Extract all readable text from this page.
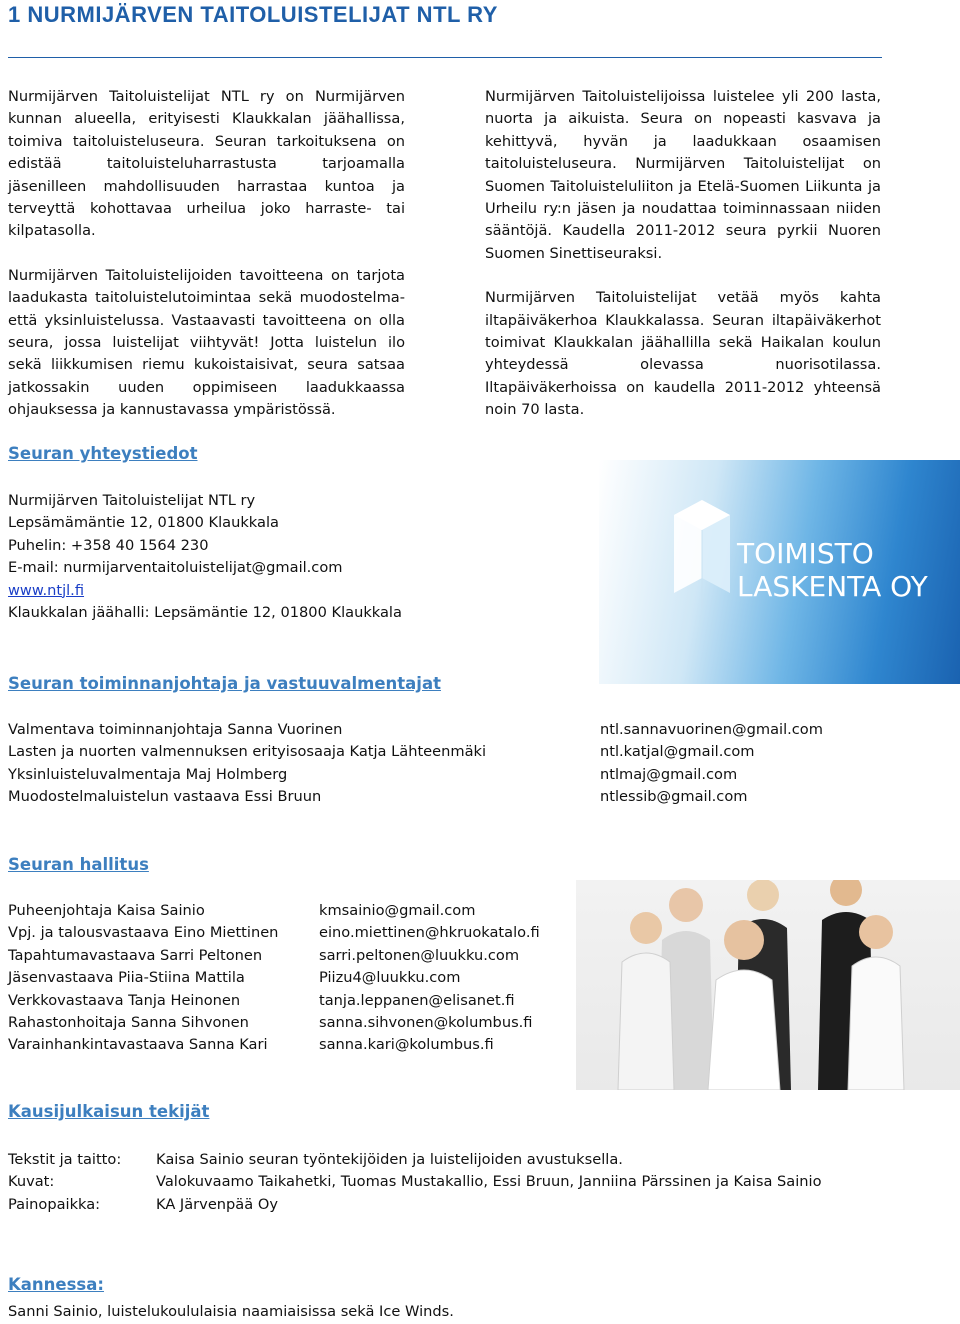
1 NURMIJÄRVEN TAITOLUISTELIJAT NTL RY

Nurmijärven Taitoluistelijat NTL ry on Nurmijärven kunnan alueella, erityisesti Klaukkalan jäähallissa, toimiva taitoluisteluseura. Seuran tarkoituksena on edistää taitoluisteluharrastusta tarjoamalla jäsenilleen mahdollisuuden harrastaa kuntoa ja terveyttä kohottavaa urheilua joko harraste- tai kilpatasolla.

Nurmijärven Taitoluistelijoiden tavoitteena on tarjota laadukasta taitoluistelutoimintaa sekä muodostelma- että yksinluistelussa. Vastaavasti tavoitteena on olla seura, jossa luistelijat viihtyvät! Jotta luistelun ilo sekä liikkumisen riemu kukoistaisivat, seura satsaa jatkossakin uuden oppimiseen laadukkaassa ohjauksessa ja kannustavassa ympäristössä.

Nurmijärven Taitoluistelijoissa luistelee yli 200 lasta, nuorta ja aikuista. Seura on nopeasti kasvava ja kehittyvä, hyvän ja laadukkaan osaamisen taitoluisteluseura. Nurmijärven Taitoluistelijat on Suomen Taitoluisteluliiton ja Etelä-Suomen Liikunta ja Urheilu ry:n jäsen ja noudattaa toiminnassaan niiden sääntöjä. Kaudella 2011-2012 seura pyrkii Nuoren Suomen Sinettiseuraksi.

Nurmijärven Taitoluistelijat vetää myös kahta iltapäiväkerhoa Klaukkalassa. Seuran iltapäiväkerhot toimivat Klaukkalan jäähallilla sekä Haikalan koulun yhteydessä olevassa nuorisotilassa. Iltapäiväkerhoissa on kaudella 2011-2012 yhteensä noin 70 lasta.

Seuran yhteystiedot
Nurmijärven Taitoluistelijat NTL ry
Lepsämämäntie 12, 01800 Klaukkala
Puhelin: +358 40 1564 230
E-mail: nurmijarventaitoluistelijat@gmail.com
www.ntjl.fi
Klaukkalan jäähalli: Lepsämäntie 12, 01800 Klaukkala
TOIMISTO
LASKENTA OY
Seuran toiminnanjohtaja ja vastuuvalmentajat
Valmentava toiminnanjohtaja Sanna Vuorinen
Lasten ja nuorten valmennuksen erityisosaaja Katja Lähteenmäki
Yksinluisteluvalmentaja Maj Holmberg
Muodostelmaluistelun vastaava Essi Bruun
ntl.sannavuorinen@gmail.com
ntl.katjal@gmail.com
ntlmaj@gmail.com
ntlessib@gmail.com
Seuran hallitus
Puheenjohtaja Kaisa Sainio
Vpj. ja talousvastaava Eino Miettinen
Tapahtumavastaava Sarri Peltonen
Jäsenvastaava Piia-Stiina Mattila
Verkkovastaava Tanja Heinonen
Rahastonhoitaja Sanna Sihvonen
Varainhankintavastaava Sanna Kari
kmsainio@gmail.com
eino.miettinen@hkruokatalo.fi
sarri.peltonen@luukku.com
Piizu4@luukku.com
tanja.leppanen@elisanet.fi
sanna.sihvonen@kolumbus.fi
sanna.kari@kolumbus.fi
Kausijulkaisun tekijät
Tekstit ja taitto:
Kuvat:
Painopaikka:
Kaisa Sainio seuran työntekijöiden ja luistelijoiden avustuksella.
Valokuvaamo Taikahetki, Tuomas Mustakallio, Essi Bruun, Janniina Pärssinen ja Kaisa Sainio
KA Järvenpää Oy
Kannessa:
Sanni Sainio, luistelukoululaisia naamiaisissa sekä Ice Winds.
